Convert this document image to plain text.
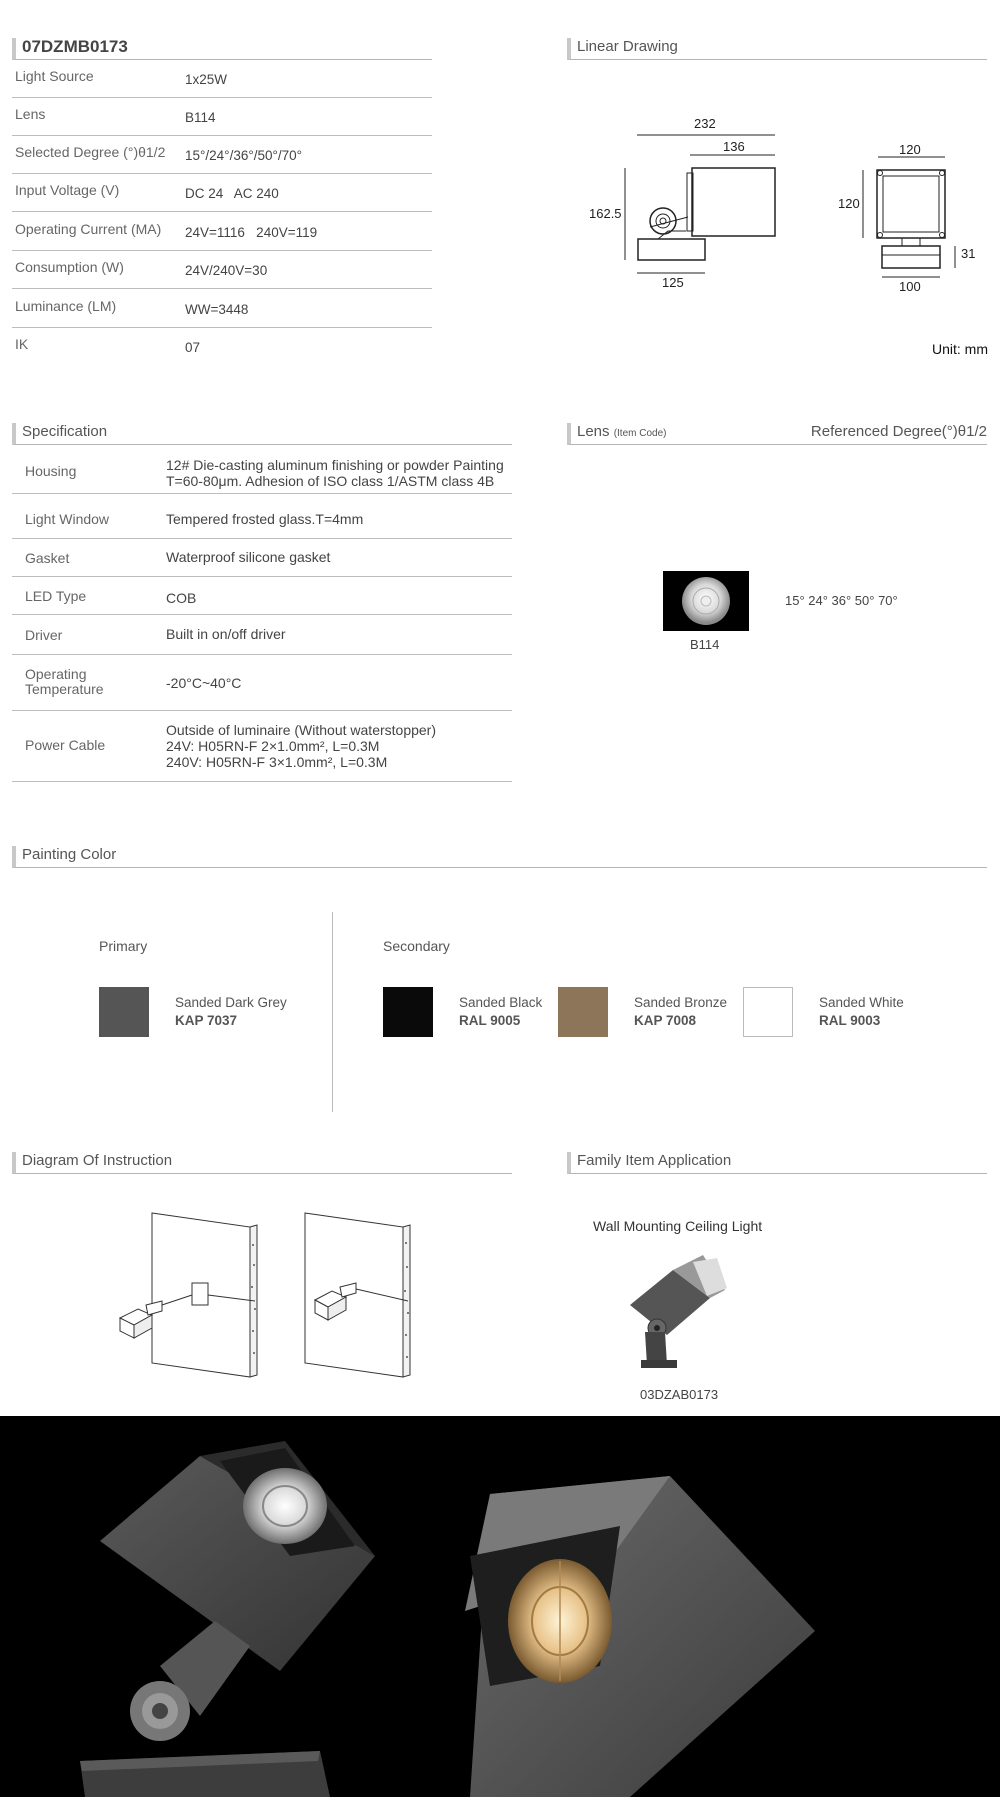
07DZMB0173
Light Source	1x25W
Lens	B114
Selected Degree (°)θ1/2 15°/24°/36°/50°/70°
Input Voltage (V)	DC 24   AC 240
Operating Current (MA) 24V=1116   240V=119
Consumption (W)	24V/240V=30
Luminance (LM)	WW=3448
IK	07
Linear Drawing
232
136
162.5
125
120
120
31
100
Unit: mm
Specification
Housing	12# Die-casting aluminum finishing or powder Painting
T=60-80μm. Adhesion of ISO class 1/ASTM class 4B
Light Window	Tempered frosted glass.T=4mm
Gasket	Waterproof silicone gasket
LED Type	COB
Driver	Built in on/off driver
Operating
Temperature	-20°C~40°C
Power Cable
Outside of luminaire (Without waterstopper)
24V: H05RN-F 2×1.0mm², L=0.3M
240V: H05RN-F 3×1.0mm², L=0.3M
Lens (Item Code)	Referenced Degree(°)θ1/2
B114
15° 24° 36° 50° 70°
Painting Color
Primary	Secondary
Sanded Dark Grey
KAP 7037
Sanded Black
RAL 9005
Sanded Bronze
KAP 7008
Sanded White
RAL 9003
Diagram Of Instruction	Family Item Application
Wall Mounting Ceiling Light
03DZAB0173
